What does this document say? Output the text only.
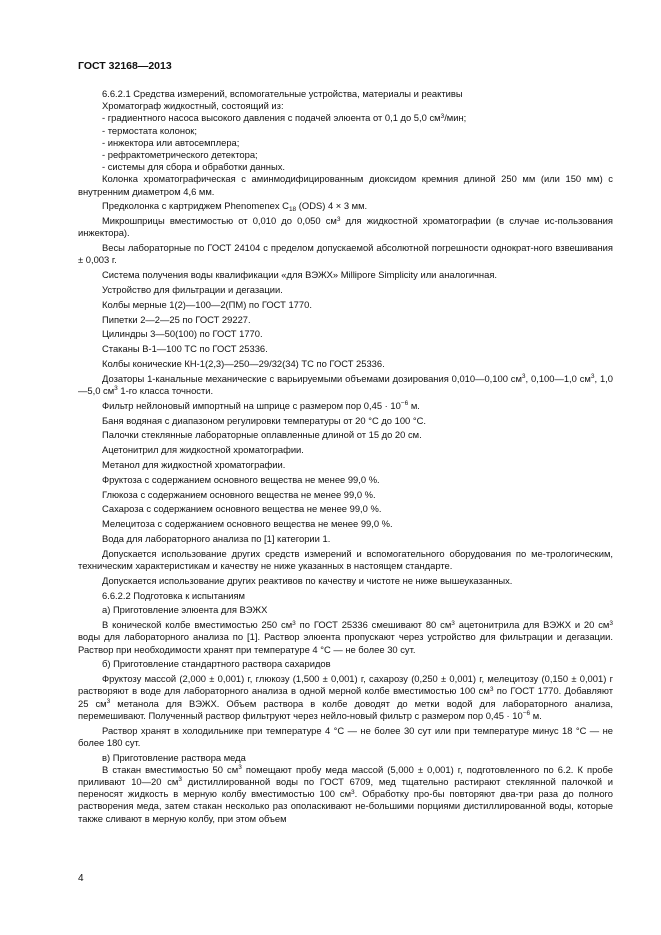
ГОСТ 32168—2013

6.6.2.1 Средства измерений, вспомогательные устройства, материалы и реактивы

Хроматограф жидкостный, состоящий из:

- градиентного насоса высокого давления с подачей элюента от 0,1 до 5,0 $см^3$/мин;

- термостата колонок;

- инжектора или автосемплера;

- рефрактометрического детектора;

- системы для сбора и обработки данных.

Колонка хроматографическая с аминмодифицированным диоксидом кремния длиной 250 мм (или 150 мм) с внутренним диаметром 4,6 мм.

Предколонка с картриджем Phenomenex $C_{18}$ (ODS) 4 × 3 мм.

Микрошприцы вместимостью от 0,010 до 0,050 $см^3$ для жидкостной хроматографии (в случае ис-пользования инжектора).

Весы лабораторные по ГОСТ 24104 с пределом допускаемой абсолютной погрешности однократ-ного взвешивания ± 0,003 г.

Система получения воды квалификации «для ВЭЖХ» Millipore Simplicity или аналогичная.

Устройство для фильтрации и дегазации.

Колбы мерные 1(2)—100—2(ПМ) по ГОСТ 1770.

Пипетки 2—2—25 по ГОСТ 29227.

Цилиндры 3—50(100) по ГОСТ 1770.

Стаканы В-1—100 ТС по ГОСТ 25336.

Колбы конические КН-1(2,3)—250—29/32(34) ТС по ГОСТ 25336.

Дозаторы 1-канальные механические с варьируемыми объемами дозирования 0,010—0,100 $см^3$, 0,100—1,0 $см^3$, 1,0—5,0 $см^3$ 1-го класса точности.

Фильтр нейлоновый импортный на шприце с размером пор $0,45 \cdot 10^{-6}$ м.

Баня водяная с диапазоном регулировки температуры от 20 °C до 100 °C.

Палочки стеклянные лабораторные оплавленные длиной от 15 до 20 см.

Ацетонитрил для жидкостной хроматографии.

Метанол для жидкостной хроматографии.

Фруктоза с содержанием основного вещества не менее 99,0 %.

Глюкоза с содержанием основного вещества не менее 99,0 %.

Сахароза с содержанием основного вещества не менее 99,0 %.

Мелецитоза с содержанием основного вещества не менее 99,0 %.

Вода для лабораторного анализа по [1] категории 1.

Допускается использование других средств измерений и вспомогательного оборудования по ме-трологическим, техническим характеристикам и качеству не ниже указанных в настоящем стандарте.

Допускается использование других реактивов по качеству и чистоте не ниже вышеуказанных.

6.6.2.2 Подготовка к испытаниям

а) Приготовление элюента для ВЭЖХ

В конической колбе вместимостью 250 $см^3$ по ГОСТ 25336 смешивают 80 $см^3$ ацетонитрила для ВЭЖХ и 20 $см^3$ воды для лабораторного анализа по [1]. Раствор элюента пропускают через устройство для фильтрации и дегазации. Раствор при необходимости хранят при температуре 4 °C — не более 30 сут.

б) Приготовление стандартного раствора сахаридов

Фруктозу массой (2,000 ± 0,001) г, глюкозу (1,500 ± 0,001) г, сахарозу (0,250 ± 0,001) г, мелецитозу (0,150 ± 0,001) г растворяют в воде для лабораторного анализа в одной мерной колбе вместимостью 100 $см^3$ по ГОСТ 1770. Добавляют 25 $см^3$ метанола для ВЭЖХ. Объем раствора в колбе доводят до метки водой для лабораторного анализа, перемешивают. Полученный раствор фильтруют через нейло-новый фильтр с размером пор $0,45 \cdot 10^{-6}$ м.

Раствор хранят в холодильнике при температуре 4 °C — не более 30 сут или при температуре минус 18 °C — не более 180 сут.

в) Приготовление раствора меда

В стакан вместимостью 50 $см^3$ помещают пробу меда массой (5,000 ± 0,001) г, подготовленного по 6.2. К пробе приливают 10—20 $см^3$ дистиллированной воды по ГОСТ 6709, мед тщательно растирают стеклянной палочкой и переносят жидкость в мерную колбу вместимостью 100 $см^3$. Обработку про-бы повторяют два-три раза до полного растворения меда, затем стакан несколько раз ополаскивают не-большими порциями дистиллированной воды, которые также сливают в мерную колбу, при этом объем

4
